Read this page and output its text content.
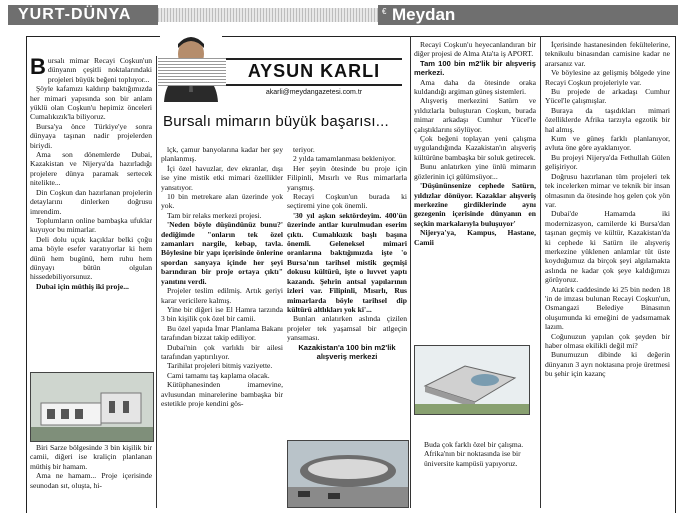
YURT-DÜNYA	€ Meydan
AYSUN KARLI
akarli@meydangazetesi.com.tr
Bursalı mimarın büyük başarısı...

Bursalı mimar Recayi Coşkun'un dünyanın çeşitli noktalarındaki projeleri büyük beğeni topluyor...

Şöyle kafamızı kaldırıp baktığımızda her mimari yapısında son bir anlam yüklü olan Coşkun'u hepimiz önceleri Cumalıkızık'la biliyoruz.

Bursa'ya önce Türkiye'ye sonra dünyaya taşınan nadir projelerden biriydi.

Ama son dönemlerde Dubai, Kazakistan ve Nijerya'da hazırladığı projelere dünya paramak sertecek nitelikte...

Din Coşkun dan hazırlanan projelerin detaylarını dinlerken doğrusu imrendim.

Toplumların online bambaşka ufuklar kuyuyor bu mimarlar.

Deli dolu uçuk kaçıklar belki çoğu ama böyle esefer varatıyorlar ki hem dünü hem bugünü, hem ruhu hem dünyayı bütün olgulan hissedebiliyorsunuz.

Dubai için müthiş iki proje...

Biri Sarze bölgesinde 3 bin kişilik bir camii, diğeri ise kraliçin planlanan müthiş bir hamam.

Ama ne hamam... Proje içerisinde seunodan sıt, oluşta, hi-

lçk, çamur banyolarına kadar her şey planlanmış.

İçi özel havuzlar, dev ekranlar, dışı ise yine mistik etki mimari özellikler yansıtıyor.

10 bin metrekare alan üzerinde yok yok.

Tam bir relaks merkezi projesi.

'Neden böyle düşündünüz bunu?' dediğimde "onların tek özel zamanları nargile, kebap, tavla. Böylesine bir yapı içerisinde önlerine spordan sanyaya içinde her şeyi barındıran bir proje ortaya çıktı" yanıtını verdi.

Projeler teslim edilmiş. Artık geriyi karar vericilere kalmış.

Yine bir diğeri ise El Hamra tarzında 3 bin kişilik çok özel bir camii.

Bu özel yapıda İmar Planlama Bakanı tarafından bizzat takip ediliyor.

Dubai'nin çok varlıklı bir ailesi tarafından yaptırılıyor.

Tarihilat projeleri bitmiş vaziyette.

Cami tamamı taş kaplama olacak.

Kütüphanesinden imamevine, avlusundan minarelerine bambaşka bir estetikle proje kendini gös-

teriyor.

2 yılda tamamlanması bekleniyor.

Her şeyin ötesinde bu proje için Filipinli, Mısırlı ve Rus mimarlarla yarışmış.

Recayi Coşkun'un burada ki seçtiremi yine çok önemli.

'30 yıl aşkın sektördeyim. 400'ün üzerinde antlar kurulmudan eserim çıktı. Cumalıkızık başlı başına önemli. Geleneksel mimari oranlarına baktığımızda işte 'o Bursa'nın tarihsel mistik geçmişi dokusu kültürü, işte o luvvet yaptı kazandı. Şehrin antsal yapılarının izleri var. Filipinli, Mısırlı, Rus mimarlarda böyle tarihsel dip kültürü altlıkları yok ki'...

Bunları anlatırken aslında çizilen projeler tek yaşamsal bir atlgeçin yansıması.

Kazakistan'a 100 bin m2'lik alışveriş merkezi

Recayi Coşkun'u heyecanlandıran bir diğer projesi de Alma Ata'ta iş APORT.

Tam 100 bin m2'lik bir alışveriş merkezi.

Ama daha da ötesinde oraka kuldandığı argiman güneş sistemleri.

Alışveriş merkezini Satürn ve yıldızlarla buluşturan Coşkun, burada mimar arkadaşı Cumhur Yücel'le çalıştıklarını söylüyor.

Çok beğeni toplayan yeni çalışma uygulandığında Kazakistan'ın alışveriş kültürüne bambaşka bir soluk getirecek.

Bunu anlatırken yine ünlü mimarın gözlerinin içi gülümsüyor...

'Düşününsenize cephede Satürn, yıldızlar dönüyor. Kazaklar alışveriş merkezine girdiklerinde aynı gezegenin içerisinde dünyanın en seçkin markalarıyla buluşuyor'

Nijerya'ya, Kampus, Hastane, Camii

Buda çok farklı özel bir çalışma.

Afrika'nın bir noktasında ise bir üniversite kampüsü yapıyoruz.

İçerisinde hastanesinden fekültelerine, teknikulu binasından camisine kadar ne ararsanız var.

Ve böylesine az gelişmiş bölgede yine Recayi Coşkun projeleriyle var.

Bu projede de arkadaşı Cumhur Yücel'le çalışmışlar.

Buraya da taşıdıkları mimari özelliklerde Afrika tarzıyla egzotik bir hal almış.

Kum ve güneş farklı planlanıyor, avluta öne göre ayaklanıyor.

Bu projeyi Nijerya'da Fethullah Gülen gelişiriyor.

Doğrusu hazırlanan tüm projeleri tek tek incelerken mimar ve teknik bir insan olmasının da ötesinde hoş gelen çok yön var.

Dubai'de Hamamda iki modernizasyon, camilerde ki Bursa'dan taşınan geçmiş ve kültür, Kazakistan'da ki cephede ki Satürn ile alışveriş merkezine yüklenen anlamlar tüt üste koyduğumuz da birçok şeyi algılamakta aslında ne kadar çok şeye kaldığımızı görüyoruz.

Atatürk caddesinde ki 25 bin neden 18 'in de imzası bulunan Recayi Coşkun'un, Osmangazi Belediye Binasının oluşumunda ki emeğini de yadsımamak lazım.

Coğunuzun yapılan çok şeyden bir haber olması ekilikli değil mi?

Bunumuzun dibinde ki değerin dünyanın 3 ayrı noktasına proje üretmesi bu şehir için kazanç
